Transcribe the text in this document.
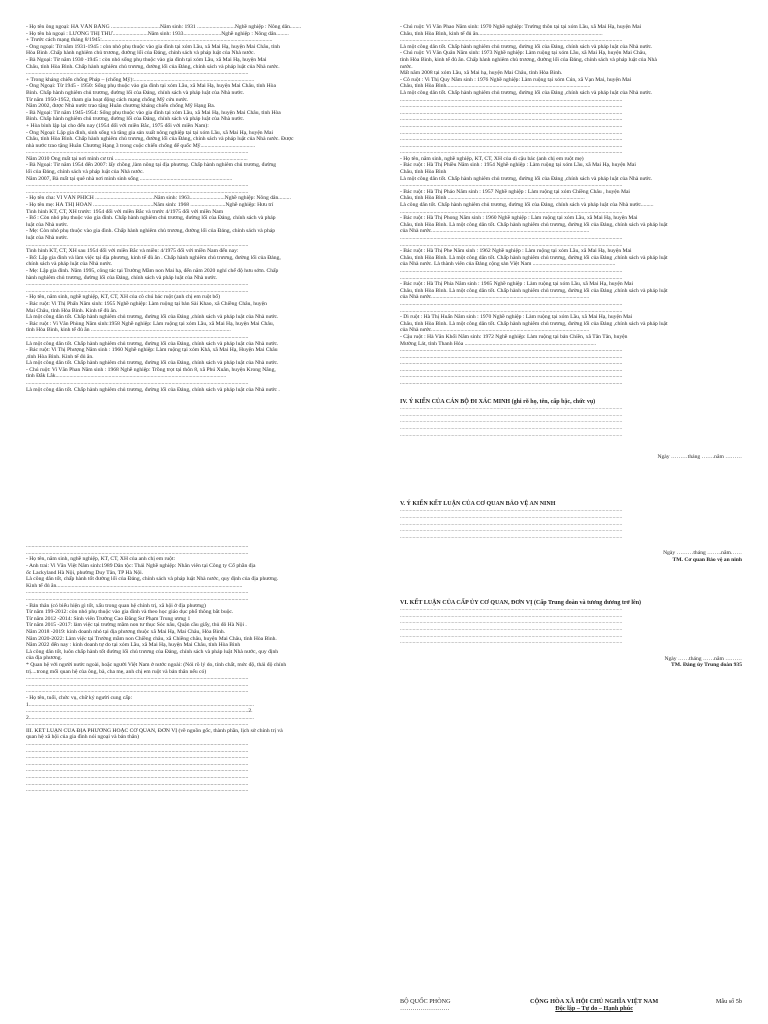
- Họ tên ông ngoại: HÀ VĂN BẰNG ...................................Năm sinh: 1931 ...........................Nghề nghiệp : Nông dân........
- Họ tên bà ngoại : LƯƠNG THỊ THƯ.........................Năm sinh: 1933...........................Nghề nghiệp : Nông dân.........
+ Trước cách mạng tháng 8/1945:..........................................................................................................................
- Ông ngoại: Từ năm 1931-1945 : còn nhỏ phụ thuộc vào gia đình tại xóm Lầu, xã Mai Hạ, huyện Mai Châu, tỉnh
Hòa Bình .Chấp hành nghiêm chủ trương, đường lối của Đảng, chính sách và pháp luật của Nhà nước.
- Bà Ngoại: Từ năm 1930 -1945 : còn nhỏ sống phụ thuộc vào gia đình tại xóm Lầu, xã Mai Hạ, huyện Mai
Châu, tỉnh Hòa Bình. Chấp hành nghiêm chủ trương, đường lối của Đảng, chính sách và pháp luật của Nhà nước.
...............................................................................................................................................................
+ Trong kháng chiến chống Pháp – (chống Mỹ):......................................................................................
- Ông Ngoại: Từ 1945 - 1950: Sống phụ thuộc vào gia đình tại xóm Lầu, xã Mai Hạ, huyện Mai Châu, tỉnh Hòa
Bình. Chấp hành nghiêm chủ trương, đường lối của Đảng, chính sách và pháp luật của Nhà nước.
Từ năm 1950-1952, tham gia hoạt động cách mạng chống Mỹ cứu nước.
Năm 2002, được Nhà nước trao tặng Huân chương kháng chiến chống Mỹ Hạng Ba.
- Bà Ngoại: Từ năm 1945-1954: Sống phụ thuộc vào gia đình tại xóm Lầu, xã Mai Hạ, huyện Mai Châu, tỉnh Hòa
Bình. Chấp hành nghiêm chủ trương, đường lối của Đảng, chính sách và pháp luật của Nhà nước.
+ Hòa bình lập lại cho đến nay (1954 đối với miền Bắc, 1975 đối với miền Nam):
- Ông Ngoại: Lập gia đình, sinh sống và tăng gia sản xuất nông nghiệp tại tại xóm Lầu, xã Mai Hạ, huyện Mai
Châu, tỉnh Hòa Bình. Chấp hành nghiêm chủ trương, đường lối của Đảng, chính sách và pháp luật của Nhà nước. Được
nhà nước trao tặng Huân Chương Hạng 3 trong cuộc chiến chống đế quốc Mỹ.......................................
...............................................................................................................................................................
Năm 2010 Ông mất tại nơi mình cư trú ...............................................................................................
- Bà Ngoại: Từ năm 1954 đến 2007: lấy chồng ,làm nông tại địa phương. Chấp hành nghiêm chủ trương, đường
lối của Đảng, chính sách và pháp luật của Nhà nước.
Năm 2007, Bà mất tại quê nhà nơi mình sinh sống ..................................................................
...............................................................................................................................................................
...............................................................................................................................................................
- Họ tên cha: VI VĂN PHÍCH ..........................................Năm sinh: 1963.........................Nghề nghiệp: Nông dân.........
- Họ tên mẹ: HÀ THỊ HOÀN ...........................................Năm sinh: 1968 .........................Nghề nghiệp: Hưu trí
Tình hình KT, CT, XH trước: 1954 đối với miền Bắc và trước 4/1975 đối với miền Nam
- Bố : Còn nhỏ phụ thuộc vào gia đình. Chấp hành nghiêm chủ trương, đường lối của Đảng, chính sách và pháp
luật của Nhà nước.
- Mẹ: Còn nhỏ phụ thuộc vào gia đình. Chấp hành nghiêm chủ trương, đường lối của Đảng, chính sách và pháp
luật của Nhà nước.
...............................................................................................................................................................
Tình hình KT, CT, XH sau 1954 đối với miền Bắc và miền: 4/1975 đối với miền Nam đến nay:
- Bố: Lập gia đình và làm việc tại địa phương, kinh tế đủ ăn . Chấp hành nghiêm chủ trương, đường lối của Đảng,
chính sách và pháp luật của Nhà nước.
- Mẹ: Lập gia đình. Năm 1995, công tác tại Trường Mầm non Mai hạ, đến năm 2020 nghỉ chế độ hưu sớm. Chấp
hành nghiêm chủ trương, đường lối của Đảng, chính sách và pháp luật của Nhà nước.
...............................................................................................................................................................
...............................................................................................................................................................
- Họ tên, năm sinh, nghề nghiệp, KT, CT, XH của cô chú bác ruột (anh chị em ruột bố)
- Bác ruột: Vi Thị Phấn Năm sinh: 1955 Nghề nghiệp: Làm ruộng tại bản Sài Khao, xã Chiềng Châu, huyện
Mai Châu, tỉnh Hòa Bình. Kinh tế đủ ăn.
Là một công dân tốt. Chấp hành nghiêm chủ trương, đường lối của Đảng ,chính sách và pháp luật của Nhà nước.
- Bác ruột : Vi Văn Phùng Năm sinh:1958 Nghề nghiệp: Làm ruộng tại xóm Lầu, xã Mai Hạ, huyện Mai Châu,
tỉnh Hòa Bình, kinh tế đủ ăn ....................................................................................................
...............................................................................................................................................................
Là một công dân tốt. Chấp hành nghiêm chủ trương, đường lối của Đảng, chính sách và pháp luật của Nhà nước.
- Bác ruột: Vi Thị Phượng Năm sinh : 1960 Nghề nghiệp: Làm ruộng tại xóm Khả, xã Mai Hạ, Huyện Mai Châu
,tỉnh Hòa Bình. Kinh tế đủ ăn.
Là một công dân tốt. Chấp hành nghiêm chủ trương, đường lối của Đảng, chính sách và pháp luật của Nhà nước.
- Chú ruột: Vi Văn Phan Năm sinh : 1968 Nghề nghiệp: Trồng trọt tại thôn 8, xã Phú Xuân, huyện Krong Năng,
tỉnh Đắk Lắk..........................................................................................................................
...............................................................................................................................................................
Là một công dân tốt. Chấp hành nghiêm chủ trương, đường lối của Đảng, chính sách và pháp luật của Nhà nước .
...............................................................................................................................................................
...............................................................................................................................................................
- Họ tên, năm sinh, nghề nghiệp, KT, CT, XH của anh chị em ruột:
- Anh trai: Vi Văn Việt Năm sinh:1989 Dân tộc: Thái Nghề nghiệp: Nhân viên tại Công ty Cổ phần địa
ốc Lackyland Hà Nội, phường Duy Tân, TP Hà Nội.
Là công dân tốt, chấp hành tốt đường lối của Đảng, chính sách và pháp luật Nhà nước, quy định của địa phương.
Kinh tế đủ ăn.....................................................................................................................................
...............................................................................................................................................................
...............................................................................................................................................................
- Bản thân (có biểu hiện gì tốt, xấu trong quan hệ chính trị, xã hội ở địa phương)
Từ năm 199-2012: còn nhỏ phụ thuộc vào gia đình và theo học giáo dục phổ thông bắt buộc.
Từ năm 2012 -2014: Sinh viên Trường Cao Đẳng Sư Phạm Trung ương 1
Từ năm 2015 -2017: làm việc tại trường mầm non tư thục Sóc nâu, Quận cầu giấy, thủ đô Hà Nội .
Năm 2018 -2019: kinh doanh nhỏ tại địa phương thuộc xã Mai Hạ, Mai Châu, Hòa Bình.
Năm 2020-2022: Làm việc tại Trường mầm non Chiềng châu, xã Chiềng châu, huyện Mai Châu, tỉnh Hòa Bình.
Năm 2022 đến nay : kinh doanh tự do tại xóm Lầu, xã Mai Hạ, huyện Mai Châu, tỉnh Hòa Bình
Là công dân tốt, luôn chấp hành tốt đường lối chủ trương của Đảng, chính sách và pháp luật Nhà nước, quy định
của địa phương.
* Quan hệ với người nước ngoài, hoặc người Việt Nam ở nước ngoài: (Nói rõ lý do, tính chất, mức độ, thái độ chính
trị....trong mối quan hệ của ông, bà, cha mẹ, anh chị em ruột và bản thân nếu có)
...............................................................................................................................................................
...............................................................................................................................................................
...............................................................................................................................................................
- Họ tên, tuổi, chức vụ, chữ ký người cung cấp:
1.................................................................................................................................................................
...............................................................................................................................................................2.
2.................................................................................................................................................................
...............................................................................................................................................................
III. KẾT LUẬN CỦA ĐỊA PHƯƠNG HOẶC CƠ QUAN, ĐƠN VỊ (về nguồn gốc, thành phần, lịch sử chính trị và
quan hệ xã hội của gia đình nói ngoại và bản thân)
...............................................................................................................................................................
...............................................................................................................................................................
...............................................................................................................................................................
...............................................................................................................................................................
...............................................................................................................................................................
...............................................................................................................................................................
...............................................................................................................................................................
...............................................................................................................................................................
- Chú ruột: Vi Văn Phao Năm sinh: 1970 Nghề nghiệp: Trường thôn tại tại xóm Lầu, xã Mai Hạ, huyện Mai
Châu, tỉnh Hòa Bình, kinh tế đủ ăn.........................................................................................
...............................................................................................................................................................
Là một công dân tốt. Chấp hành nghiêm chủ trương, đường lối của Đảng, chính sách và pháp luật của Nhà nước.
- Chú ruột: Vi Văn Quân Năm sinh: 1973 Nghề nghiệp: Làm ruộng tại xóm Lầu, xã Mai Hạ, huyện Mai Châu,
tỉnh Hòa Bình, kinh tế đủ ăn. Chấp hành nghiêm chủ trương, đường lối của Đảng, chính sách và pháp luật của Nhà
nước.
Mất năm 2008 tại xóm Lầu, xã Mai hạ, huyện Mai Châu, tỉnh Hòa Bình.
- Cô ruột : Vi Thị Quy Năm sinh : 1976 Nghề nghiệp: Làm ruộng tại xóm Cún, xã Vạn Mai, huyện Mai
Châu, tỉnh Hòa Bình.......................................................................................................
Là một công dân tốt. Chấp hành nghiêm chủ trương, đường lối của Đảng ,chính sách và pháp luật của Nhà nước.
...............................................................................................................................................................
...............................................................................................................................................................
...............................................................................................................................................................
...............................................................................................................................................................
...............................................................................................................................................................
...............................................................................................................................................................
...............................................................................................................................................................
...............................................................................................................................................................
...............................................................................................................................................................
- Họ tên, năm sinh, nghề nghiệp, KT, CT, XH của dì cậu bác (anh chị em ruột mẹ)
- Bác ruột : Hà Thị Phiều Năm sinh : 1954 Nghề nghiệp : Làm ruộng tại xóm Lầu, xã Mai Hạ, huyện Mai
Châu, tỉnh Hòa Bình
Là một công dân tốt. Chấp hành nghiêm chủ trương, đường lối của Đảng ,chính sách và pháp luật của Nhà nước.
...............................................................................................................................................................
- Bác ruột : Hà Thị Pháo Năm sinh : 1957 Nghề nghiệp : Làm ruộng tại xóm Chiềng Châu , huyện Mai
Châu, tỉnh Hòa Bình ..................................................................................................
Là công dân tốt. Chấp hành nghiêm chủ trương, đường lối của Đảng, chính sách và pháp luật của Nhà nước.........
...............................................................................................................................................................
- Bác ruột : Hà Thị Phong Năm sinh : 1960 Nghề nghiệp : Làm ruộng tại xóm Lầu, xã Mai Hạ, huyện Mai
Châu, tỉnh Hòa Bình. Là một công dân tốt. Chấp hành nghiêm chủ trương, đường lối của Đảng, chính sách và pháp luật
của Nhà nước.................................................................................................................
...............................................................................................................................................................
...............................................................................................................................................................
- Bác ruột : Hà Thị Phe Năm sinh : 1962 Nghề nghiệp : Làm ruộng tại xóm Lầu, xã Mai Hạ, huyện Mai
Châu, tỉnh Hòa Bình. Là một công dân tốt. Chấp hành nghiêm chủ trương, đường lối của Đảng ,chính sách và pháp luật
của Nhà nước. Là thành viên của Đảng cộng sản Việt Nam ...........................................................
...............................................................................................................................................................
...............................................................................................................................................................
- Bác ruột : Hà Thị Phia Năm sinh : 1965 Nghề nghiệp : Làm ruộng tại xóm Lầu, xã Mai Hạ, huyện Mai
Châu, tỉnh Hòa Bình. Là một công dân tốt. Chấp hành nghiêm chủ trương, đường lối của Đảng ,chính sách và pháp luật
của Nhà nước.................................................................................................................
...............................................................................................................................................................
...............................................................................................................................................................
- Dì ruột : Hà Thị Huấn Năm sinh : 1970 Nghề nghiệp : Làm ruộng tại xóm Lầu, xã Mai Hạ, huyện Mai
Châu, tỉnh Hòa Bình. Là một công dân tốt. Chấp hành nghiêm chủ trương, đường lối của Đảng ,chính sách và pháp luật
của Nhà nước.................................................................................................................
- Cậu ruột : Hà Văn Khối Năm sinh: 1972 Nghề nghiệp: Làm ruộng tại bản Chiền, xã Tân Tân, huyện
Mường Lát, tỉnh Thanh Hóa ..............................................................................................
...............................................................................................................................................................
...............................................................................................................................................................
...............................................................................................................................................................
...............................................................................................................................................................
...............................................................................................................................................................
...............................................................................................................................................................
IV. Ý KIẾN CỦA CÁN BỘ ĐI XÁC MINH (ghi rõ họ, tên, cấp bậc, chức vụ)
...............................................................................................................................................................
...............................................................................................................................................................
...............................................................................................................................................................
...............................................................................................................................................................
...............................................................................................................................................................
Ngày ………tháng …….năm ………
V. Ý KIẾN KẾT LUẬN CỦA CƠ QUAN BẢO VỆ AN NINH
...............................................................................................................................................................
...............................................................................................................................................................
...............................................................................................................................................................
...............................................................................................................................................................
...............................................................................................................................................................
Ngày ………tháng ……..năm……
TM. Cơ quan Bảo vệ an ninh
VI. KẾT LUẬN CỦA CẤP ỦY CƠ QUAN, ĐƠN VỊ (Cấp Trung đoàn và tương đương trở lên)
...............................................................................................................................................................
...............................................................................................................................................................
...............................................................................................................................................................
...............................................................................................................................................................
...............................................................................................................................................................
...............................................................................................................................................................
Ngày ……tháng ……năm ………
TM. Đảng ủy Trung đoàn 935
BỘ QUỐC PHÒNG
……………………
CỘNG HÒA XÃ HỘI CHỦ NGHĨA VIỆT NAM
Độc lập – Tự do – Hạnh phúc
Mẫu số 5b
